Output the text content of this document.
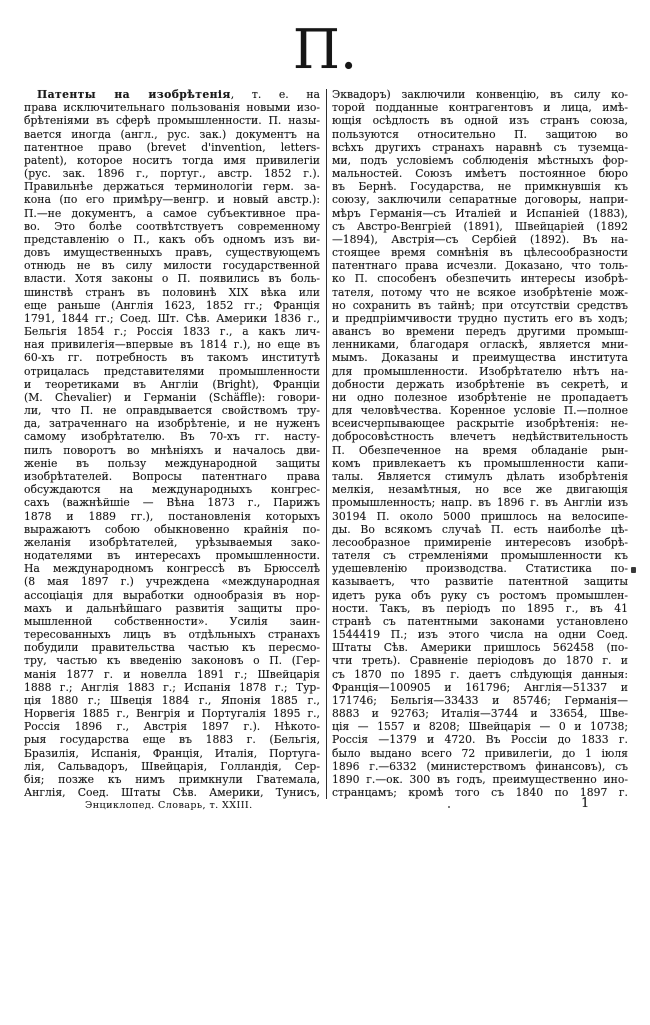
П.
Патенты на изобрѣтенія, т. е. на
права исключительнаго пользованія новыми изо-
брѣтеніями въ сферѣ промышленности. П. назы-
вается иногда (англ., рус. зак.) документъ на
патентное право (brevet d'invention, letters-
patent), которое носитъ тогда имя привилегіи
(рус. зак. 1896 г., португ., австр. 1852 г.).
Правильнѣе держаться терминологіи герм. за-
кона (по его примѣру—венгр. и новый австр.):
П.—не документъ, а самое субъективное пра-
во. Это болѣе соотвѣтствуетъ современному
представленію о П., какъ объ одномъ изъ ви-
довъ имущественныхъ правъ, существующемъ
отнюдь не въ силу милости государственной
власти. Хотя законы о П. появились въ боль-
шинствѣ странъ въ половинѣ XIX вѣка или
еще раньше (Англія 1623, 1852 гг.; Франція
1791, 1844 гг.; Соед. Шт. Сѣв. Америки 1836 г.,
Бельгія 1854 г.; Россія 1833 г., а какъ лич-
ная привилегія—впервые въ 1814 г.), но еще въ
60-хъ гг. потребность въ такомъ институтѣ
отрицалась представителями промышленности
и теоретиками въ Англіи (Bright), Франціи
(M. Chevalier) и Германіи (Schäffle): говори-
ли, что П. не оправдывается свойствомъ тру-
да, затраченнаго на изобрѣтеніе, и не нуженъ
самому изобрѣтателю. Въ 70-хъ гг. насту-
пилъ поворотъ во мнѣніяхъ и началось дви-
женіе въ пользу международной защиты
изобрѣтателей. Вопросы патентнаго права
обсуждаются на международныхъ конгрес-
сахъ (важнѣйшіе — Вѣна 1873 г., Парижъ
1878 и 1889 гг.), постановленія которыхъ
выражаютъ собою обыкновенно крайнія по-
желанія изобрѣтателей, урѣзываемыя зако-
нодателями въ интересахъ промышленности.
На международномъ конгрессѣ въ Брюсселѣ
(8 мая 1897 г.) учреждена «международная
ассоціація для выработки однообразія въ нор-
махъ и дальнѣйшаго развитія защиты про-
мышленной собственности». Усилія заин-
тересованныхъ лицъ въ отдѣльныхъ странахъ
побудили правительства частью къ пересмо-
тру, частью къ введенію законовъ о П. (Гер-
манія 1877 г. и новелла 1891 г.; Швейцарія
1888 г.; Англія 1883 г.; Испанія 1878 г.; Тур-
ція 1880 г.; Швеція 1884 г., Японія 1885 г.,
Норвегія 1885 г., Венгрія и Португалія 1895 г.,
Россія 1896 г., Австрія 1897 г.). Нѣкото-
рыя государства еще въ 1883 г. (Бельгія,
Бразилія, Испанія, Франція, Италія, Португа-
лія, Сальвадоръ, Швейцарія, Голландія, Сер-
бія; позже къ нимъ примкнули Гватемала,
Англія, Соед. Штаты Сѣв. Америки, Тунисъ,
Эквадоръ) заключили конвенцію, въ силу ко-
торой подданные контрагентовъ и лица, имѣ-
ющія осѣдлость въ одной изъ странъ союза,
пользуются относительно П. защитою во
всѣхъ другихъ странахъ наравнѣ съ туземца-
ми, подъ условіемъ соблюденія мѣстныхъ фор-
мальностей. Союзъ имѣетъ постоянное бюро
въ Бернѣ. Государства, не примкнувшія къ
союзу, заключили сепаратные договоры, напри-
мѣръ Германія—съ Италіей и Испаніей (1883),
съ Австро-Венгріей (1891), Швейцаріей (1892
—1894), Австрія—съ Сербіей (1892). Въ на-
стоящее время сомнѣнія въ цѣлесообразности
патентнаго права исчезли. Доказано, что толь-
ко П. способенъ обезпечить интересы изобрѣ-
тателя, потому что не всякое изобрѣтеніе мож-
но сохранить въ тайнѣ; при отсутствіи средствъ
и предпріимчивости трудно пустить его въ ходъ;
авансъ во времени передъ другими промыш-
ленниками, благодаря огласкѣ, является мни-
мымъ. Доказаны и преимущества института
для промышленности. Изобрѣтателю нѣтъ на-
добности держать изобрѣтеніе въ секретѣ, и
ни одно полезное изобрѣтеніе не пропадаетъ
для человѣчества. Коренное условіе П.—полное
всеисчерпывающее раскрытіе изобрѣтенія: не-
добросовѣстность влечетъ недѣйствительность
П. Обезпеченное на время обладаніе рын-
комъ привлекаетъ къ промышленности капи-
талы. Является стимулъ дѣлать изобрѣтенія
мелкія, незамѣтныя, но все же двигающія
промышленность; напр. въ 1896 г. въ Англіи изъ
30194 П. около 5000 пришлось на велосипе-
ды. Во всякомъ случаѣ П. есть наиболѣе цѣ-
лесообразное примиреніе интересовъ изобрѣ-
тателя съ стремленіями промышленности къ
удешевленію производства. Статистика по-
казываетъ, что развитіе патентной защиты
идетъ рука объ руку съ ростомъ промышлен-
ности. Такъ, въ періодъ по 1895 г., въ 41
странѣ съ патентными законами установлено
1544419 П.; изъ этого числа на одни Соед.
Штаты Сѣв. Америки пришлось 562458 (по-
чти треть). Сравненіе періодовъ до 1870 г. и
съ 1870 по 1895 г. даетъ слѣдующія данныя:
Франція—100905 и 161796; Англія—51337 и
171746; Бельгія—33433 и 85746; Германія—
8883 и 92763; Италія—3744 и 33654, Шве-
ція — 1557 и 8208; Швейцарія — 0 и 10738;
Россія —1379 и 4720. Въ Россіи до 1833 г.
было выдано всего 72 привилегіи, до 1 іюля
1896 г.—6332 (министерствомъ финансовъ), съ
1890 г.—ок. 300 въ годъ, преимущественно ино-
странцамъ; кромѣ того съ 1840 по 1897 г.
Энциклопед. Словарь, т. XXIII.	1
